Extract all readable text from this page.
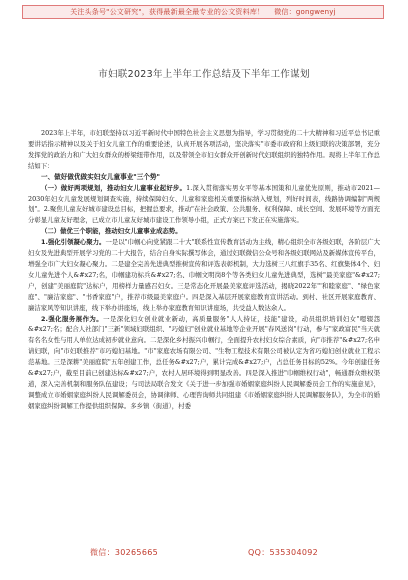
关注头条号"公文研究"，获得最新最全最专业的公文资料库！ 微信：gongwenyj
市妇联2023年上半年工作总结及下半年工作谋划

2023年上半年，市妇联坚持以习近平新时代中国特色社会主义思想为指导，学习贯彻党的二十大精神和习近平总书记重要讲话指示精神以及关于妇女儿童工作的重要论述，认真开展各项活动，坚决落实"市委市政府和上级妇联的决策部署，充分发挥党的政治力和广大妇女群众的桥梁纽带作用，以及带领全市妇女群众开创新时代妇联组织的独特作用。现将上半年工作总结如下：

一、做好做优做实妇女儿童事业"三个势"

（一）做好两项规划，推动妇女儿童事业起好步。1.深入贯彻落实男女平等基本国策和儿童优先原则，推动市2021—2030年妇女儿童发展规划调查实施，持续保障妇女、儿童和家庭相关重要指标纳入规划，列好时间表，线路协调编制"两规划"。2.聚焦儿童友好城市建设总目标，把握总要求，推动"在社会政策、公共服务、权利保障、成长空间、发展环境等方面充分彰显儿童友好理念，已成立市儿童友好城市建设工作领导小组，正式方案已下发正在实施落实。

（二）做优三个职能，推动妇女儿童事业成态势。

1.强化引领凝心聚力。一是以"巾帼心向党紧跟二十大"联系性宣传教育活动为主线，精心组织全市各级妇联，各阶层广大妇女及先进典型开展学习党的二十大报告，结合自身实际撰写体会，通过妇联微信公众号和各级妇联网站及新媒体宣传平台，增强全市广大妇女凝心聚力。二是建全完善先进典型推树宣传和评选表彰机制，大力选树三八红旗手35名、红旗集体4个、妇女儿童先进个人&#x27;名，巾帼建功标兵&#x27;名、巾帼文明岗8个等各类妇女儿童先进典型，选树"最美家庭"&#x27;户，创建"美丽庭院"达标户，用榜样力量感召妇女。三是常态化开展最美家庭评选活动，揭晓2022年"'和睦家庭"、"绿色家庭"、"廉洁家庭"、"书香家庭"户，推荐市级最美家庭户。四是深入基层开展家庭教育宣讲活动。到村、社区开展家庭教育、廉洁家风等知识讲座，线下举办讲座场，线上举办家庭教育知识讲座场，共受益人数达余人。

2.强化服务展作为。一是深化妇女创业就业新动，高质量服务"人人持证，技能"建设，动员组织培训妇女"嗯辍怨&#x27;名；配合人社部门"三新"领域妇联组织、"巧媳妇"创业就业基地等企业开展"春风送岗"行动，参与"家政富民"当天就有名名女性与用人单位达成初步就业意向。二是深化乡村振兴巾帼行，全面提升农村妇女综合素质，向"市推荐"&#x27;名申请妇联，向"市妇联推荐"市巧媳妇基地。"市"家庭农场有限公司、"生物工程技术有限公司被认定为省巧媳妇创业就业工程示范基地。三是深耕"美丽庭院"五年创建工作，总任务&#x27;户，累计完成&#x27;户，占总任务目标的52%。今年创建任务&#x27;户，截至目前已创建达标&#x27;户，农村人居环境得到明显改善。四是深入推进"巾帼维权行动"，畅通群众维权渠道，深入完善机制和服务队伍建设；与司法局联合发文《关于进一步加强市婚姻家庭纠纷人民调解委员会工作的实施意见》，调整成立市婚姻家庭纠纷人民调解委员会，协调律师、心理咨询师共同组建《市婚姻家庭纠纷人民调解服务队》，为全市的婚姻家庭纠纷调解工作提供组织保障。多乡镇（街道），村委

微信：30265665	QQ：535304092
